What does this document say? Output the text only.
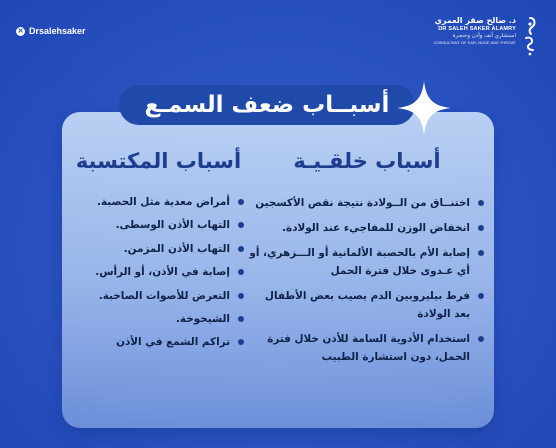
✕ Drsalehsaker
د. صالح صقر العمري
DR SALEH SAKER ALAMRY
استشاري أنف وأذن وحنجرة
CONSULTANT OF EAR, NOSE AND THROAT
أسبــاب ضعف السمـع
أسباب خلقـيـة
اختنــاق من الــولادة نتيجة نقص الأكسجين
انخفاض الوزن للمفاجيء عند الولادة.
إصابة الأم بالحصبة الألمانية أو الـــزهري، أو أي عـدوى خلال فترة الحمل
فرط بيليروبين الدم يصيب بعض الأطفال بعد الولادة
استخدام الأدوية السامة للأذن خلال فترة الحمل، دون استشارة الطبيب
أسباب المكتسبة
أمراض معدية مثل الحصبة.
التهاب الأذن الوسطى.
التهاب الأذن المزمن.
إصابة في الأذن، أو الرأس.
التعرض للأصوات الصاخبة.
الشيخوخة.
تراكم الشمع في الأذن
